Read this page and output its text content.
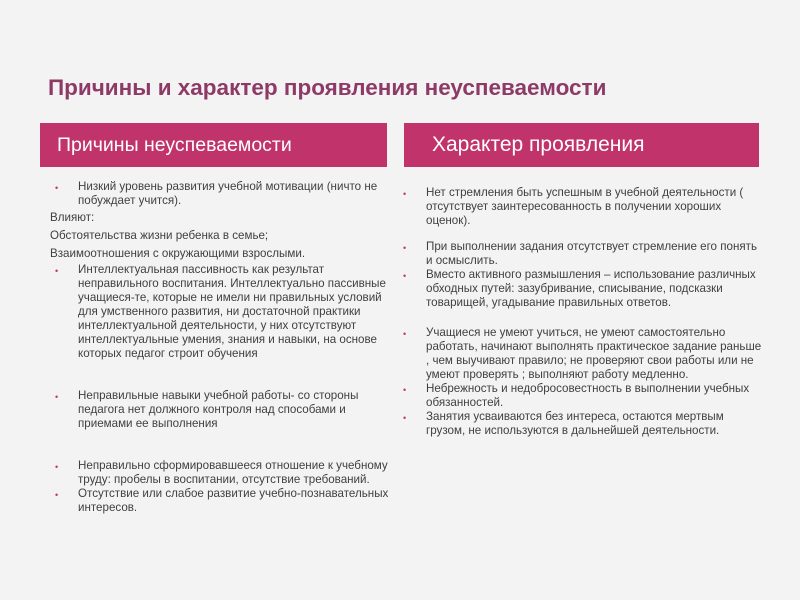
Причины и характер проявления неуспеваемости
Причины неуспеваемости	Характер проявления
• Низкий уровень развития учебной мотивации (ничто не побуждает учится).
Влияют:
Обстоятельства жизни ребенка в семье;
Взаимоотношения с окружающими взрослыми.
• Интеллектуальная пассивность как результат неправильного воспитания. Интеллектуально пассивные учащиеся-те, которые не имели ни правильных условий для умственного развития, ни достаточной практики интеллектуальной деятельности, у них отсутствуют интеллектуальные умения, знания и навыки, на основе которых педагог строит обучения
• Неправильные навыки учебной работы- со стороны педагога нет должного контроля над способами и приемами ее выполнения
• Неправильно сформировавшееся отношение к учебному труду: пробелы в воспитании, отсутствие требований.
• Отсутствие или слабое развитие учебно-познавательных интересов.
• Нет стремления быть успешным в учебной деятельности ( отсутствует заинтересованность в получении хороших оценок).
• При выполнении задания отсутствует стремление его понять и осмыслить.
• Вместо активного размышления – использование различных обходных путей: зазубривание, списывание, подсказки товарищей, угадывание правильных ответов.
• Учащиеся не умеют учиться, не умеют самостоятельно работать, начинают выполнять практическое задание раньше , чем выучивают правило; не проверяют свои работы или не умеют проверять ; выполняют работу медленно.
• Небрежность и недобросовестность в выполнении учебных обязанностей.
• Занятия усваиваются без интереса, остаются мертвым грузом, не используются в дальнейшей деятельности.
